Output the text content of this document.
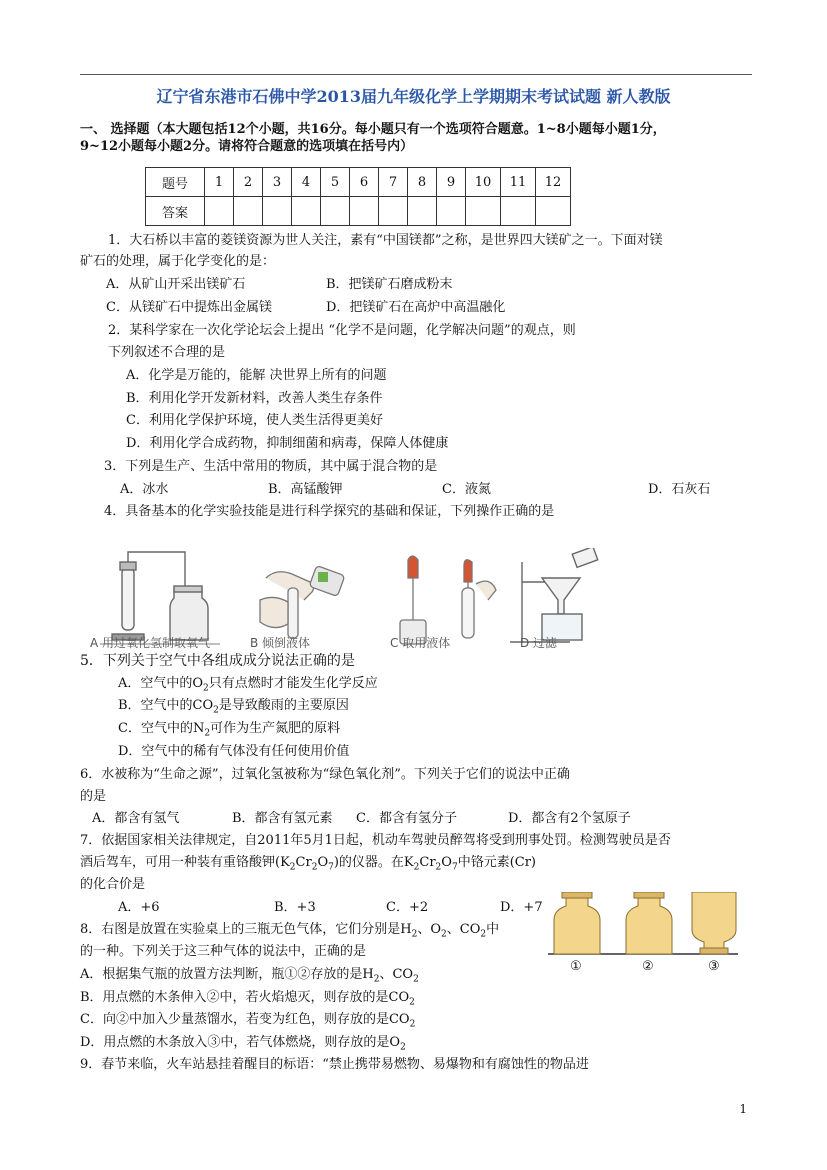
辽宁省东港市石佛中学2013届九年级化学上学期期末考试试题 新人教版
一、 选择题（本大题包括12个小题，共16分。每小题只有一个选项符合题意。1~8小题每小题1分，
9~12小题每小题2分。请将符合题意的选项填在括号内）
题号	1	2	3	4	5	6	7	8	9	10	11	12
答案												
1．大石桥以丰富的菱镁资源为世人关注，素有“中国镁都”之称，是世界四大镁矿之一。下面对镁
矿石的处理，属于化学变化的是：
A．从矿山开采出镁矿石	B．把镁矿石磨成粉末
C．从镁矿石中提炼出金属镁	D．把镁矿石在高炉中高温融化
2．某科学家在一次化学论坛会上提出 “化学不是问题，化学解决问题”的观点，则
下列叙述不合理的是
A．化学是万能的，能解 决世界上所有的问题
B．利用化学开发新材料，改善人类生存条件
C．利用化学保护环境，使人类生活得更美好
D．利用化学合成药物，抑制细菌和病毒，保障人体健康
3．下列是生产、生活中常用的物质，其中属于混合物的是
A．冰水	B．高锰酸钾	C．液氮	D．石灰石
4．具备基本的化学实验技能是进行科学探究的基础和保证，下列操作正确的是
A 用过氧化氢制取氧气	B 倾倒液体	C 取用液体	D 过滤
5．下列关于空气中各组成成分说法正确的是
A．空气中的$O_2$只有点燃时才能发生化学反应
B．空气中的$CO_2$是导致酸雨的主要原因
C．空气中的$N_2$可作为生产氮肥的原料
D．空气中的稀有气体没有任何使用价值
6．水被称为“生命之源”，过氧化氢被称为“绿色氧化剂”。下列关于它们的说法中正确
的是
A．都含有氢气	B．都含有氢元素 C．都含有氢分子	D．都含有2个氢原子
7．依据国家相关法律规定，自2011年5月1日起，机动车驾驶员醉驾将受到刑事处罚。检测驾驶员是否
酒后驾车，可用一种装有重铬酸钾$(K_2Cr_2O_7)$的仪器。在$K_2Cr_2O_7$中铬元素(Cr)
的化合价是
A．+6	B．+3	C．+2	D．+7
8．右图是放置在实验桌上的三瓶无色气体，它们分别是$H_2$、$O_2$、$CO_2$中
的一种。下列关于这三种气体的说法中，正确的是
A．根据集气瓶的放置方法判断，瓶①②存放的是$H_2$、$CO_2$
B．用点燃的木条伸入②中，若火焰熄灭，则存放的是$CO_2$
C．向②中加入少量蒸馏水，若变为红色，则存放的是$CO_2$
D．用点燃的木条放入③中，若气体燃烧，则存放的是$O_2$
①	②	③
9．春节来临，火车站悬挂着醒目的标语：“禁止携带易燃物、易爆物和有腐蚀性的物品进
1
